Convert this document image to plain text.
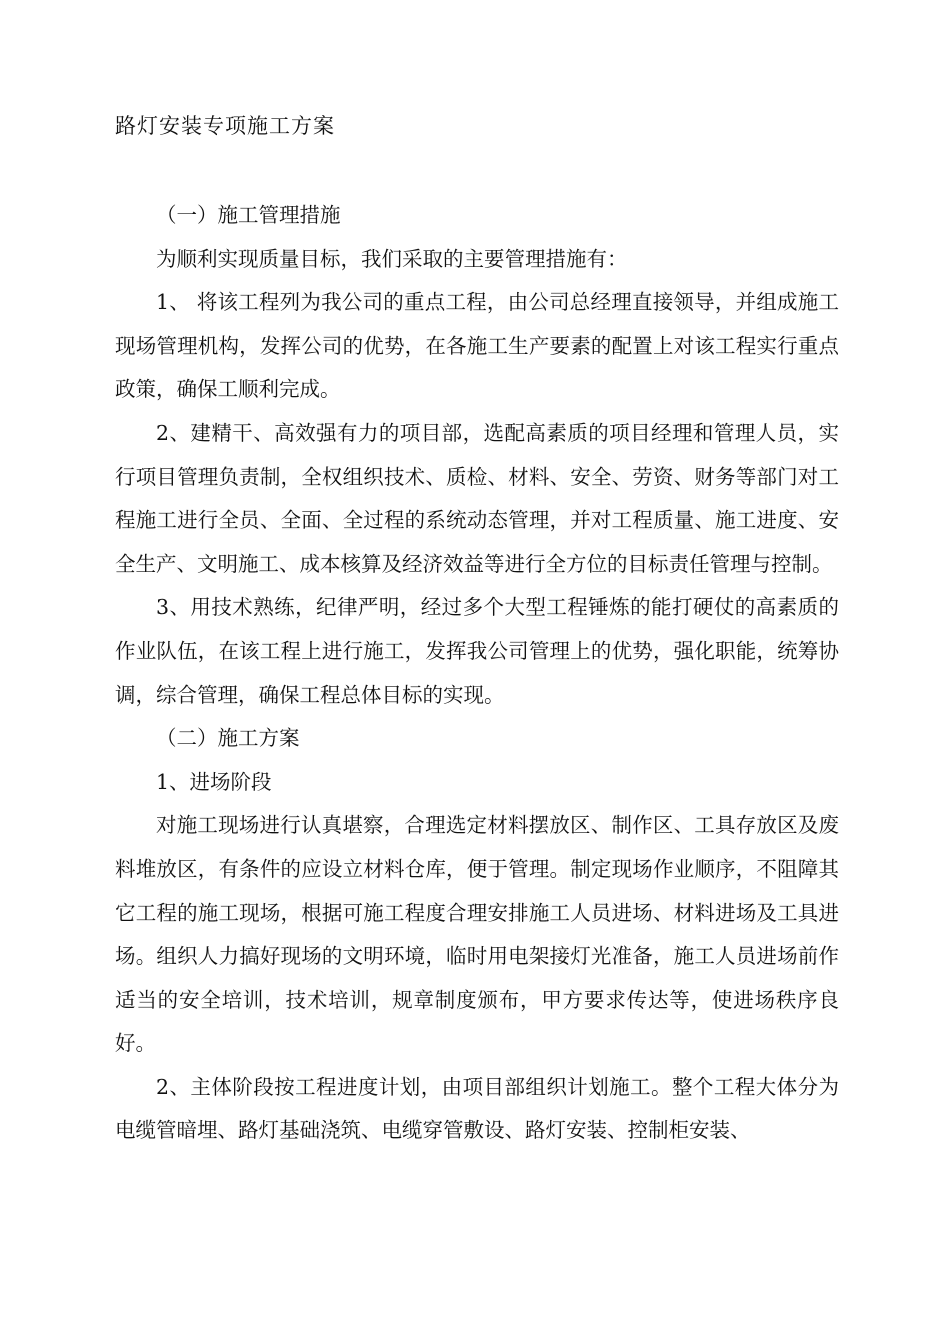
路灯安装专项施工方案

（一）施工管理措施

为顺利实现质量目标，我们采取的主要管理措施有：

1、 将该工程列为我公司的重点工程，由公司总经理直接领导，并组成施工现场管理机构，发挥公司的优势，在各施工生产要素的配置上对该工程实行重点政策，确保工顺利完成。

2、建精干、高效强有力的项目部，选配高素质的项目经理和管理人员，实行项目管理负责制，全权组织技术、质检、材料、安全、劳资、财务等部门对工程施工进行全员、全面、全过程的系统动态管理，并对工程质量、施工进度、安全生产、文明施工、成本核算及经济效益等进行全方位的目标责任管理与控制。

3、用技术熟练，纪律严明，经过多个大型工程锤炼的能打硬仗的高素质的作业队伍，在该工程上进行施工，发挥我公司管理上的优势，强化职能，统筹协调，综合管理，确保工程总体目标的实现。

（二）施工方案

1、进场阶段

对施工现场进行认真堪察，合理选定材料摆放区、制作区、工具存放区及废料堆放区，有条件的应设立材料仓库，便于管理。制定现场作业顺序，不阻障其它工程的施工现场，根据可施工程度合理安排施工人员进场、材料进场及工具进场。组织人力搞好现场的文明环境，临时用电架接灯光准备，施工人员进场前作适当的安全培训，技术培训，规章制度颁布，甲方要求传达等，使进场秩序良好。

2、主体阶段按工程进度计划，由项目部组织计划施工。整个工程大体分为电缆管暗埋、路灯基础浇筑、电缆穿管敷设、路灯安装、控制柜安装、
